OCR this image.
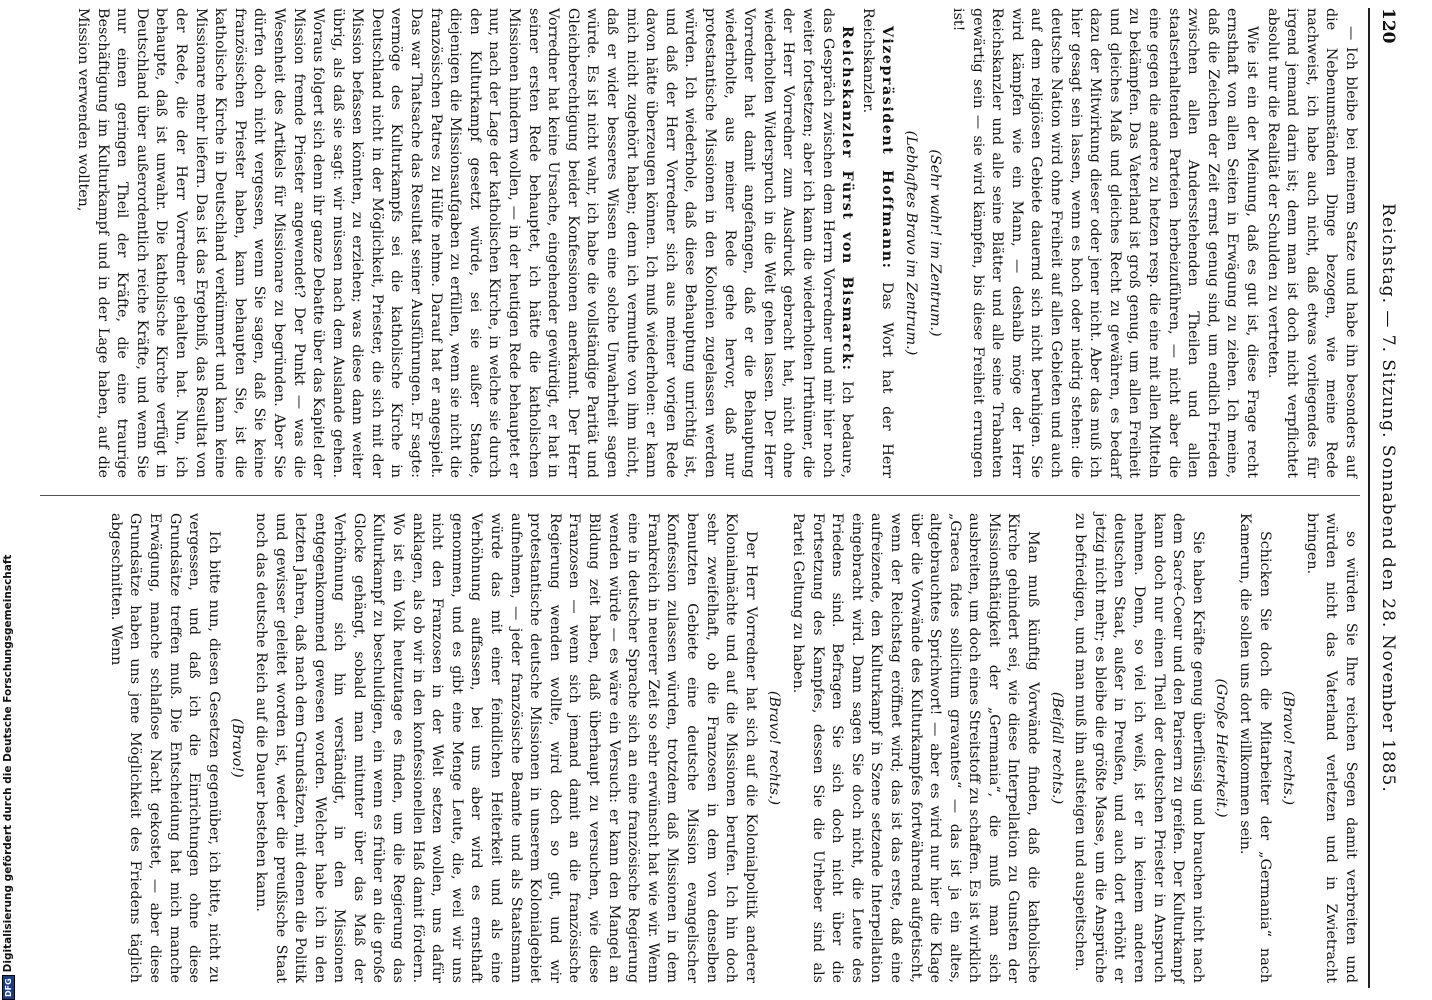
120
Reichstag. — 7. Sitzung. Sonnabend den 28. November 1885.

— Ich bleibe bei meinem Satze und habe ihn besonders auf die Nebenumständen Dinge bezogen, wie meine Rede nachweist, ich habe auch nicht, daß etwas vorliegendes für irgend jemand darin ist; denn man ist doch nicht verpflichtet absolut nur die Realität der Schulden zu vertreten.

Wie ist ein der Meinung, daß es gut ist, diese Frage recht ernsthaft von allen Seiten in Erwägung zu ziehen. Ich meine, daß die Zeichen der Zeit ernst genug sind, um endlich Frieden zwischen allen Andersstehenden Theilen und allen staatserhaltenden Parteien herbeizuführen, — nicht aber die eine gegen die andere zu hetzen resp. die eine mit allen Mitteln zu bekämpfen. Das Vaterland ist groß genug, um allen Freiheit und gleiches Maß und gleiches Recht zu gewähren, es bedarf dazu der Mitwirkung dieser oder jener nicht. Aber das muß ich hier gesagt sein lassen, wenn es hoch oder niedrig stehen: die deutsche Nation wird ohne Freiheit auf allen Gebieten und auch auf dem religiösen Gebiete dauernd sich nicht beruhigen. Sie wird kämpfen wie ein Mann, — deshalb möge der Herr Reichskanzler und alle seine Blätter und alle seine Trabanten gewärtig sein — sie wird kämpfen, bis diese Freiheit errungen ist!

(Sehr wahr! im Zentrum.)

(Lebhaftes Bravo im Zentrum.)

Vizepräsident Hoffmann: Das Wort hat der Herr Reichskanzler.

Reichskanzler Fürst von Bismarck: Ich bedaure, das Gespräch zwischen dem Herrn Vorredner und mir hier noch weiter fortsetzen; aber ich kann die wiederholten Irrthümer, die der Herr Vorredner zum Ausdruck gebracht hat, nicht ohne wiederholten Widerspruch in die Welt gehen lassen. Der Herr Vorredner hat damit angefangen, daß er die Behauptung wiederholte, aus meiner Rede gehe hervor, daß nur protestantische Missionen in den Kolonien zugelassen werden würden. Ich wiederhole, daß diese Behauptung unrichtig ist, und daß der Herr Vorredner sich aus meiner vorigen Rede davon hätte überzeugen können. Ich muß wiederholen: er kann mich nicht zugehört haben; denn ich vermuthe von ihm nicht, daß er wider besseres Wissen eine solche Unwahrheit sagen würde. Es ist nicht wahr, ich habe die vollständige Parität und Gleichberechtigung beider Konfessionen anerkannt. Der Herr Vorredner hat keine Ursache, eingehender gewürdigt, er hat in seiner ersten Rede behauptet, ich hätte die katholischen Missionen hindern wollen, — in der heutigen Rede behauptet er nur, nach der Lage der katholischen Kirche, in welche sie durch den Kulturkampf gesetzt würde, sei sie außer Stande, diejenigen die Missionsaufgaben zu erfüllen, wenn sie nicht die französischen Patres zu Hülfe nehme. Darauf hat er angespielt. Das war Thatsache das Resultat seiner Ausführungen. Er sagte: vermöge des Kulturkampfs sei die katholische Kirche in Deutschland nicht in der Möglichkeit, Priester, die sich mit der Mission befassen könnten, zu erziehen; was diese dann weiter übrig, als daß sie sagt: wir müssen nach dem Auslande gehen. Woraus folgert sich denn ihr ganze Debatte über das Kapitel der Mission fremde Priester angewendet? Der Punkt — was die Wesenheit des Artikels für Missionare zu begründen. Aber Sie dürfen doch nicht vergessen, wenn Sie sagen, daß Sie keine französischen Priester haben, kann behaupten Sie, ist die katholische Kirche in Deutschland verkümmert und kann keine Missionare mehr liefern. Das ist das Ergebniß, das Resultat von der Rede, die der Herr Vorredner gehalten hat. Nun, ich behaupte, daß ist unwahr. Die katholische Kirche verfügt in Deutschland über außerordentlich reiche Kräfte, und wenn Sie nur einen geringen Theil der Kräfte, die eine traurige Beschäftigung im Kulturkampf und in der Lage haben, auf die Mission verwenden wollten,

so würden Sie Ihre reichen Segen damit verbreiten und würden nicht das Vaterland verletzen und in Zwietracht bringen.

(Bravo! rechts.)

Schicken Sie doch die Mitarbeiter der „Germania“ nach Kamerun, die sollen uns dort willkommen sein.

(Große Heiterkeit.)

Sie haben Kräfte genug überflüssig und brauchen nicht nach dem Sacré-Coeur und den Parisern zu greifen. Der Kulturkampf kann doch nur einen Theil der deutschen Priester in Anspruch nehmen. Denn, so viel ich weiß, ist er in keinem anderen deutschen Staat, außer in Preußen, und auch dort erhöht er jetzig nicht mehr; es bleibe die größte Masse, um die Ansprüche zu befriedigen, und man muß ihn aufsteigen und auspeitschen.

(Beifall rechts.)

Man muß künftig Vorwände finden, daß die katholische Kirche gehindert sei, wie diese Interpellation zu Gunsten der Missionsthätigkeit der „Germania“, die muß man sich ausbreiten, um doch eines Streitstoff zu schaffen. Es ist wirklich „Graeca fides sollicitum gravantes“ — das ist ja ein altes, altgebrauchtes Sprichwort! — aber es wird nur hier die Klage über die Vorwände des Kulturkampfes fortwährend aufgetischt, wenn der Reichstag eröffnet wird; das ist das erste, daß eine aufreizende, den Kulturkampf in Szene setzende Interpellation eingebracht wird. Dann sagen Sie doch nicht, die Leute des Friedens sind. Befragen Sie sich doch nicht über die Fortsetzung des Kampfes, dessen Sie die Urheber sind als Partei Geltung zu haben.

(Bravo! rechts.)

Der Herr Vorredner hat sich auf die Kolonialpolitik anderer Kolonialmächte und auf die Missionen berufen. Ich hin doch sehr zweifelhaft, ob die Franzosen in dem von denselben benutzten Gebiete eine deutsche Mission evangelischer Konfession zulassen würden, trotzdem daß Missionen in dem Frankreich in neuerer Zeit so sehr erwünscht hat wie wir. Wenn eine in deutscher Sprache sich an eine französische Regierung wenden würde — es wäre ein Versuch: er kann den Mangel an Bildung zeit haben, daß überhaupt zu versuchen, wie diese Franzosen — wenn sich jemand damit an die französische Regierung wenden wollte, wird doch so gut, und wir protestantische deutsche Missionen in unserem Kolonialgebiet aufnehmen, — jeder französische Beamte und als Staatsmann würde das mit einer feindlichen Heiterkeit und als eine Verhöhnung auffassen, bei uns aber wird es ernsthaft genommen, und es gibt eine Menge Leute, die, weil wir uns nicht den Franzosen in der Welt setzen wollen, uns dafür anklagen, als ob wir in den konfessionellen Haß damit fördern. Wo ist ein Volk heutzutage es finden, um die Regierung das Kulturkampf zu beschuldigen, ein wenn es früher an die große Glocke gehängt, sobald man mitunter über das Maß der Verhöhnung sich hin verständigt, in den Missionen entgegenkommend gewesen worden. Welcher habe ich in den letzten Jahren, daß nach dem Grundsätzen, mit denen die Politik und gewisser geleitet worden ist, weder die preußische Staat noch das deutsche Reich auf die Dauer bestehen kann.

(Bravo!)

Ich bitte nun, diesen Gesetzen gegenüber, ich bitte, nicht zu vergessen, und daß ich die Einrichtungen ohne diese Grundsätze treffen muß. Die Entscheidung hat mich manche Erwägung, manche schlaflose Nacht gekostet, — aber diese Grundsätze haben uns jene Möglichkeit des Friedens täglich abgeschnitten. Wenn

DFGDigitalisierung gefördert durch die Deutsche Forschungsgemeinschaft
